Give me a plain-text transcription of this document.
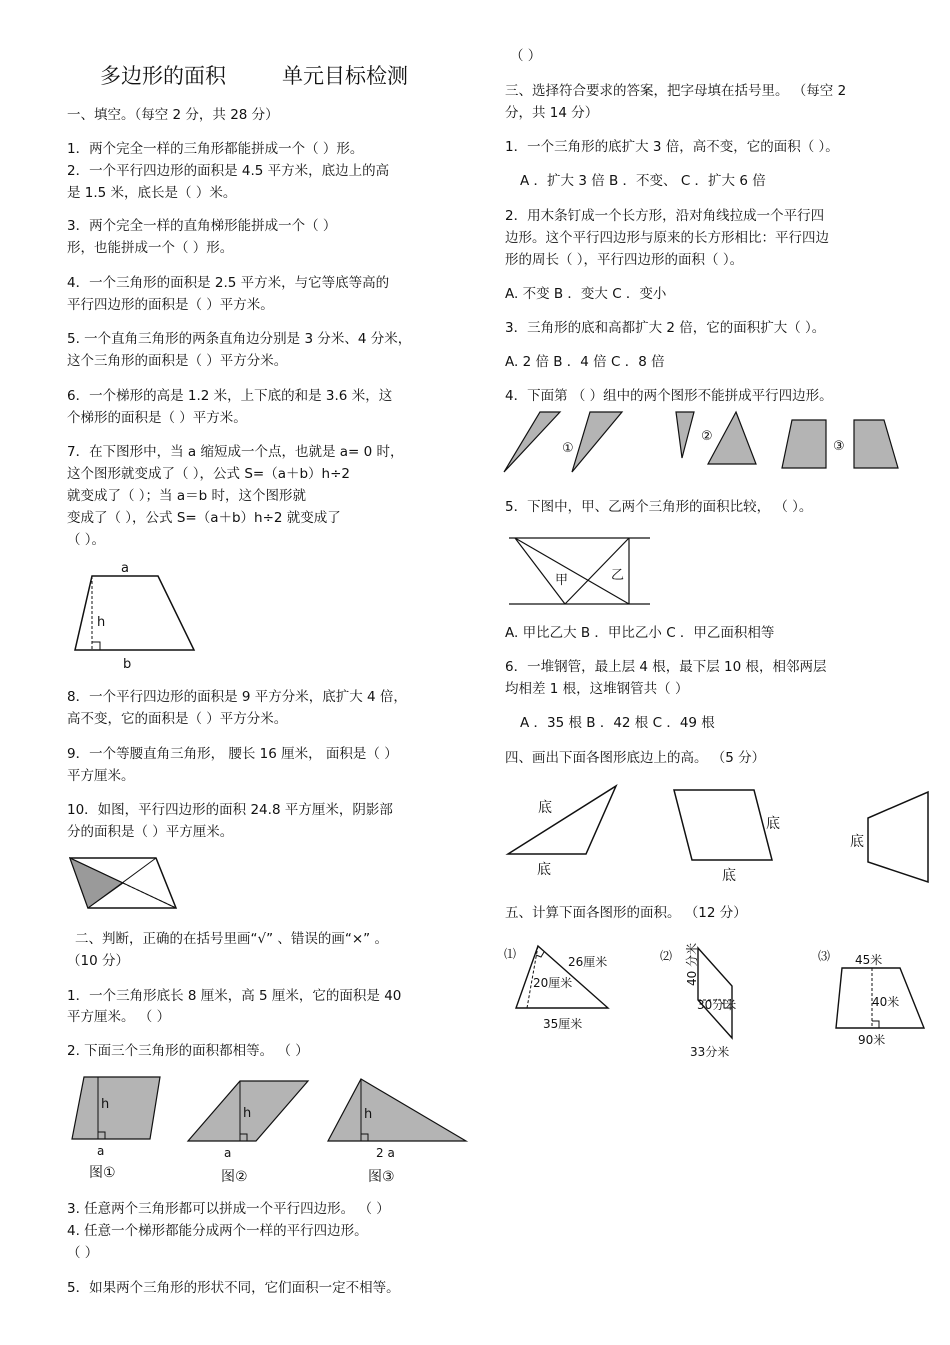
多边形的面积	单元目标检测
一、填空。（每空 2 分，共 28 分）
1．两个完全一样的三角形都能拼成一个（ ）形。
2．一个平行四边形的面积是 4.5 平方米，底边上的高
是 1.5 米，底长是（ ）米。
3．两个完全一样的直角梯形能拼成一个（ ）
形，也能拼成一个（ ）形。
4．一个三角形的面积是 2.5 平方米，与它等底等高的
平行四边形的面积是（ ）平方米。
5. 一个直角三角形的两条直角边分别是 3 分米、4 分米，
这个三角形的面积是（ ）平方分米。
6．一个梯形的高是 1.2 米，上下底的和是 3.6 米，这
个梯形的面积是（ ）平方米。
7．在下图形中，当 a 缩短成一个点，也就是 a= 0 时，
这个图形就变成了（ ），公式 S=（a＋b）h÷2
就变成了（ ）；当 a＝b 时，这个图形就
变成了（ ），公式 S=（a＋b）h÷2 就变成了
（ ）。
a
h
b
8．一个平行四边形的面积是 9 平方分米，底扩大 4 倍，
高不变，它的面积是（ ）平方分米。
9．一个等腰直角三角形， 腰长 16 厘米， 面积是（ ）
平方厘米。
10．如图，平行四边形的面积 24.8 平方厘米，阴影部
分的面积是（ ）平方厘米。
二、判断，正确的在括号里画“√” 、错误的画“×” 。
（10 分）
1．一个三角形底长 8 厘米，高 5 厘米，它的面积是 40
平方厘米。 （ ）
2. 下面三个三角形的面积都相等。 （ ）
h
a
图①
h
a
图②
h
2 a
图③
3. 任意两个三角形都可以拼成一个平行四边形。 （ ）
4. 任意一个梯形都能分成两个一样的平行四边形。
（ ）
5．如果两个三角形的形状不同，它们面积一定不相等。
（ ）
三、选择符合要求的答案，把字母填在括号里。 （每空 2
分，共 14 分）
1．一个三角形的底扩大 3 倍，高不变，它的面积（ ）。
A ．扩大 3 倍 B ．不变、 C ．扩大 6 倍
2．用木条钉成一个长方形，沿对角线拉成一个平行四
边形。这个平行四边形与原来的长方形相比：平行四边
形的周长（ ），平行四边形的面积（ ）。
A. 不变 B ．变大 C ．变小
3．三角形的底和高都扩大 2 倍，它的面积扩大（ ）。
A. 2 倍 B ．4 倍 C ．8 倍
4．下面第 （ ）组中的两个图形不能拼成平行四边形。
①
②
③
5．下图中，甲、乙两个三角形的面积比较， （ ）。
甲	乙
A. 甲比乙大 B ．甲比乙小 C ．甲乙面积相等
6．一堆钢管，最上层 4 根，最下层 10 根，相邻两层
均相差 1 根，这堆钢管共（ ）
A ．35 根 B ．42 根 C ．49 根
四、画出下面各图形底边上的高。 （5 分）
底
底
底
底
底
五、计算下面各图形的面积。 （12 分）
⑴
26厘米
20厘米
35厘米
⑵ 40 分米
30分米
33分米
⑶ 45米
40米
90米
